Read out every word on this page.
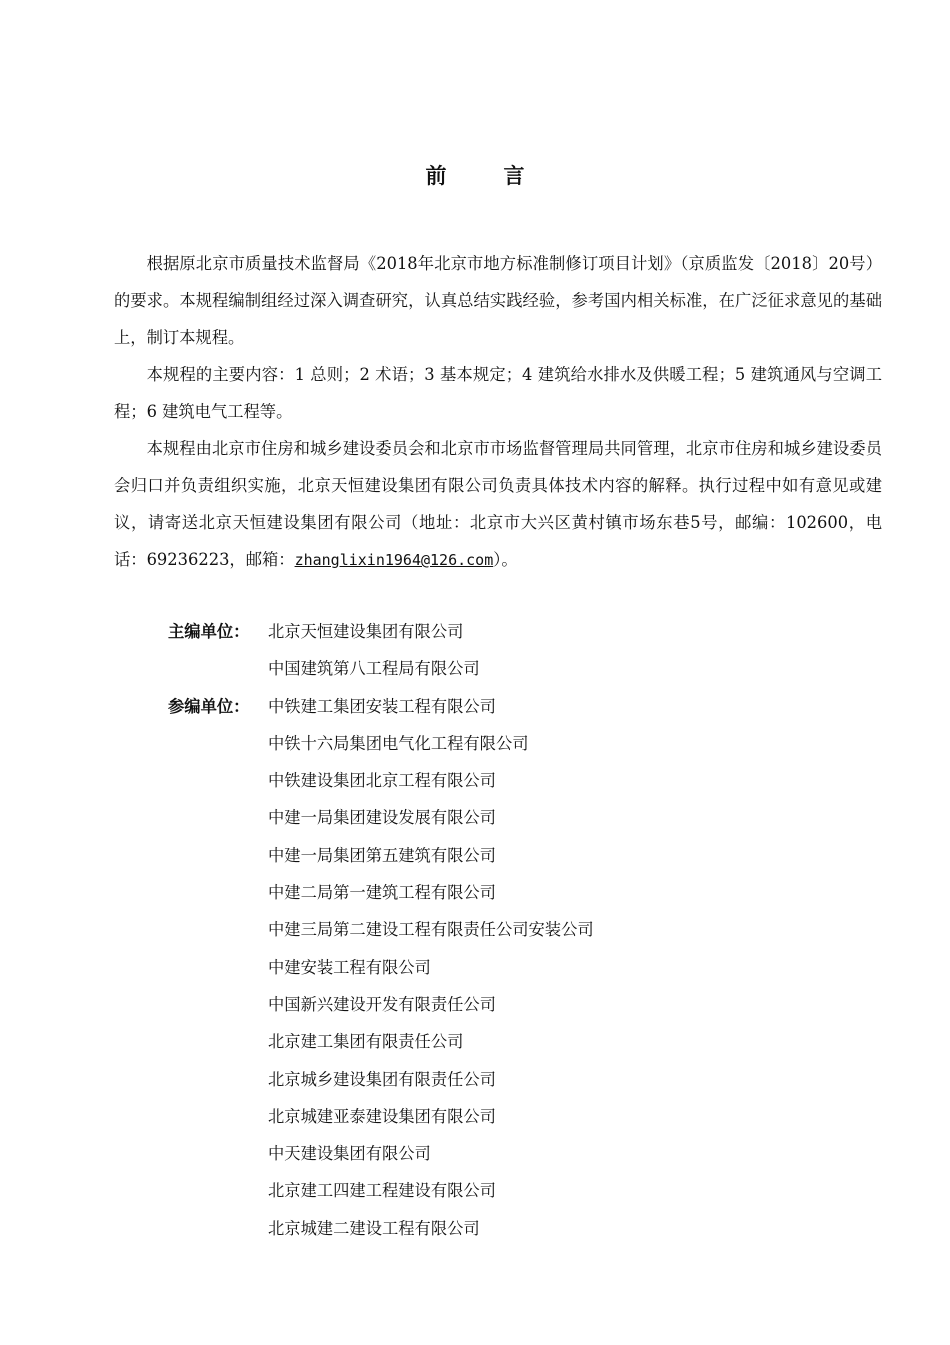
前　言

根据原北京市质量技术监督局《2018年北京市地方标准制修订项目计划》（京质监发〔2018〕20号）的要求。本规程编制组经过深入调查研究，认真总结实践经验，参考国内相关标准，在广泛征求意见的基础上，制订本规程。

本规程的主要内容：1 总则；2 术语；3 基本规定；4 建筑给水排水及供暖工程；5 建筑通风与空调工程；6 建筑电气工程等。

本规程由北京市住房和城乡建设委员会和北京市市场监督管理局共同管理，北京市住房和城乡建设委员会归口并负责组织实施，北京天恒建设集团有限公司负责具体技术内容的解释。执行过程中如有意见或建议，请寄送北京天恒建设集团有限公司（地址：北京市大兴区黄村镇市场东巷5号，邮编：102600，电话：69236223，邮箱：zhanglixin1964@126.com）。

主编单位：	北京天恒建设集团有限公司
中国建筑第八工程局有限公司
参编单位：	中铁建工集团安装工程有限公司
中铁十六局集团电气化工程有限公司
中铁建设集团北京工程有限公司
中建一局集团建设发展有限公司
中建一局集团第五建筑有限公司
中建二局第一建筑工程有限公司
中建三局第二建设工程有限责任公司安装公司
中建安装工程有限公司
中国新兴建设开发有限责任公司
北京建工集团有限责任公司
北京城乡建设集团有限责任公司
北京城建亚泰建设集团有限公司
中天建设集团有限公司
北京建工四建工程建设有限公司
北京城建二建设工程有限公司
